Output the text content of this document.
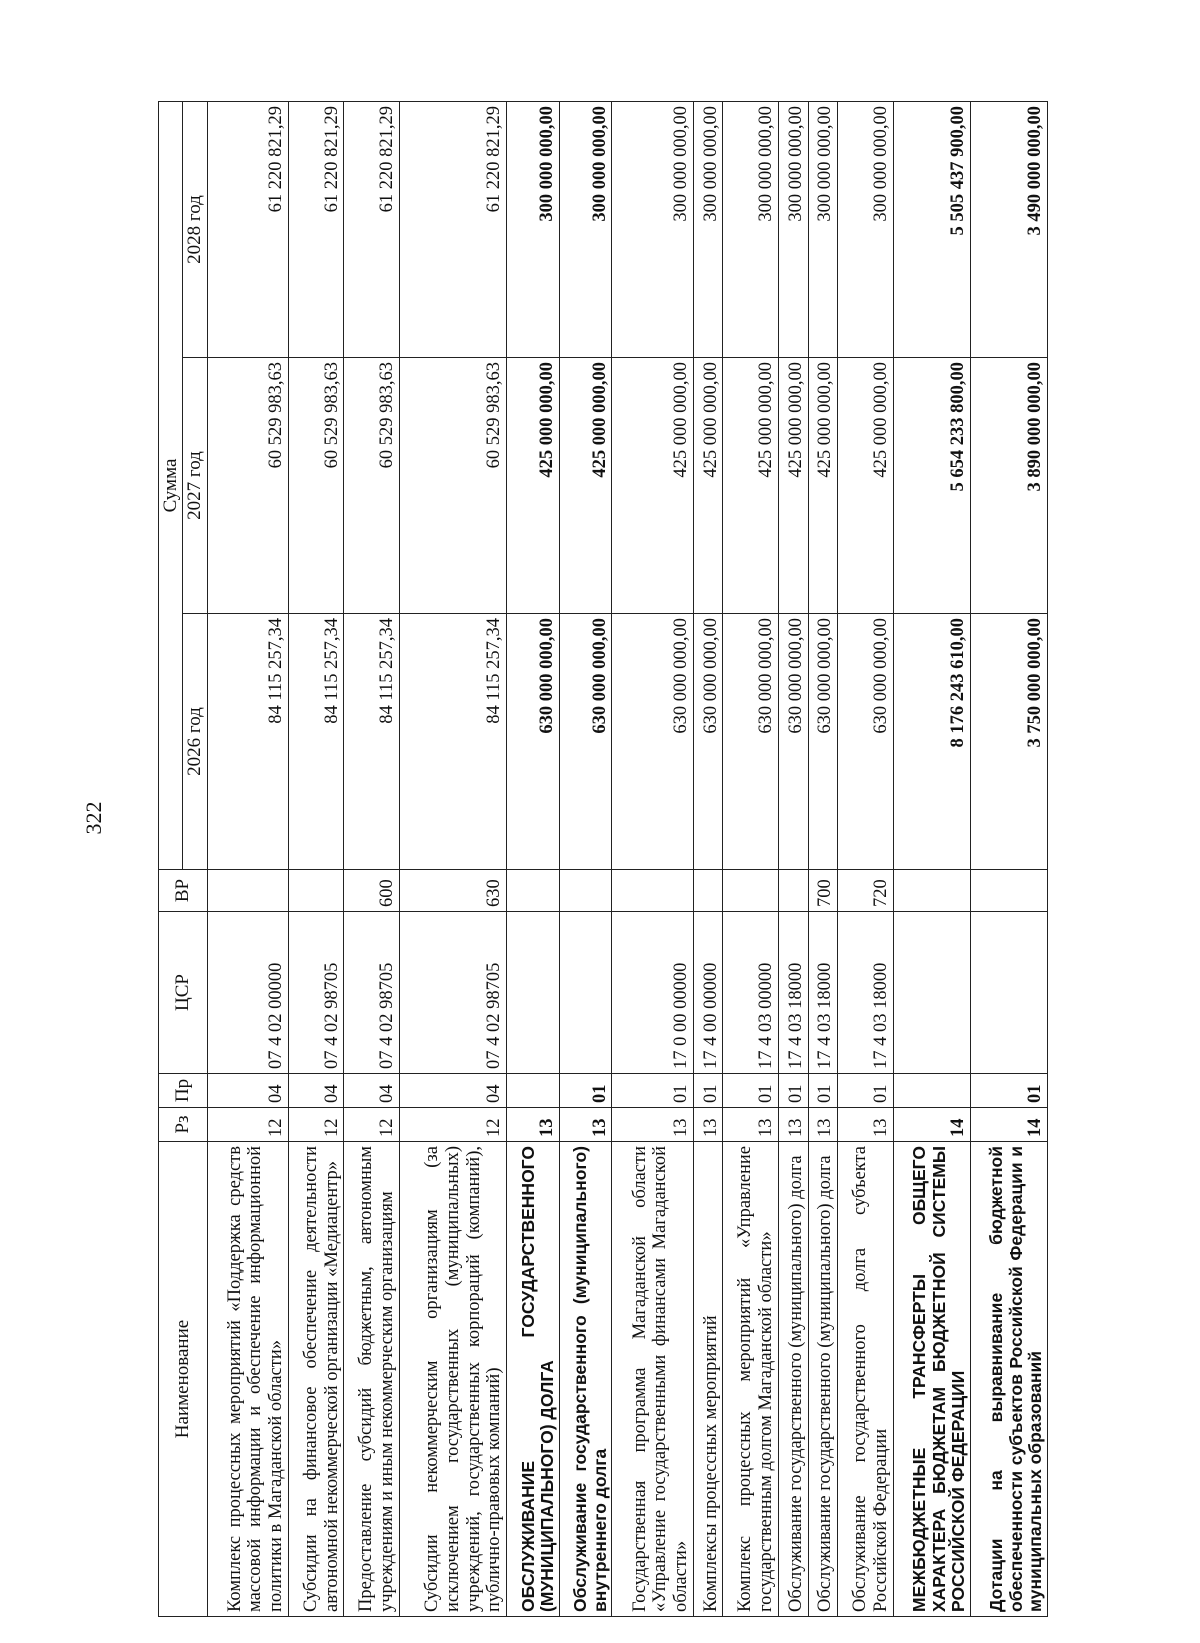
322
Наименование	Рз	Пр	ЦСР	ВР	Сумма		
					2026 год	2027 год	2028 год
Комплекс процессных мероприятий «Поддержка средств массовой информации и обеспечение информационной политики в Магаданской области»	12	04	07 4 02 00000		84 115 257,34	60 529 983,63	61 220 821,29
Субсидии на финансовое обеспечение деятельности автономной некоммерческой организации «Медиацентр»	12	04	07 4 02 98705		84 115 257,34	60 529 983,63	61 220 821,29
Предоставление субсидий бюджетным, автономным учреждениям и иным некоммерческим организациям	12	04	07 4 02 98705	600	84 115 257,34	60 529 983,63	61 220 821,29
Субсидии некоммерческим организациям (за исключением государственных (муниципальных) учреждений, государственных корпораций (компаний), публично-правовых компаний)	12	04	07 4 02 98705	630	84 115 257,34	60 529 983,63	61 220 821,29
ОБСЛУЖИВАНИЕ ГОСУДАРСТВЕННОГО (МУНИЦИПАЛЬНОГО) ДОЛГА	13				630 000 000,00	425 000 000,00	300 000 000,00
Обслуживание государственного (муниципального) внутреннего долга	13	01			630 000 000,00	425 000 000,00	300 000 000,00
Государственная программа Магаданской области «Управление государственными финансами Магаданской области»	13	01	17 0 00 00000		630 000 000,00	425 000 000,00	300 000 000,00
Комплексы процессных мероприятий	13	01	17 4 00 00000		630 000 000,00	425 000 000,00	300 000 000,00
Комплекс процессных мероприятий «Управление государственным долгом Магаданской области»	13	01	17 4 03 00000		630 000 000,00	425 000 000,00	300 000 000,00
Обслуживание государственного (муниципального) долга	13	01	17 4 03 18000		630 000 000,00	425 000 000,00	300 000 000,00
Обслуживание государственного (муниципального) долга	13	01	17 4 03 18000	700	630 000 000,00	425 000 000,00	300 000 000,00
Обслуживание государственного долга субъекта Российской Федерации	13	01	17 4 03 18000	720	630 000 000,00	425 000 000,00	300 000 000,00
МЕЖБЮДЖЕТНЫЕ ТРАНСФЕРТЫ ОБЩЕГО ХАРАКТЕРА БЮДЖЕТАМ БЮДЖЕТНОЙ СИСТЕМЫ РОССИЙСКОЙ ФЕДЕРАЦИИ	14				8 176 243 610,00	5 654 233 800,00	5 505 437 900,00
Дотации на выравнивание бюджетной обеспеченности субъектов Российской Федерации и муниципальных образований	14	01			3 750 000 000,00	3 890 000 000,00	3 490 000 000,00
